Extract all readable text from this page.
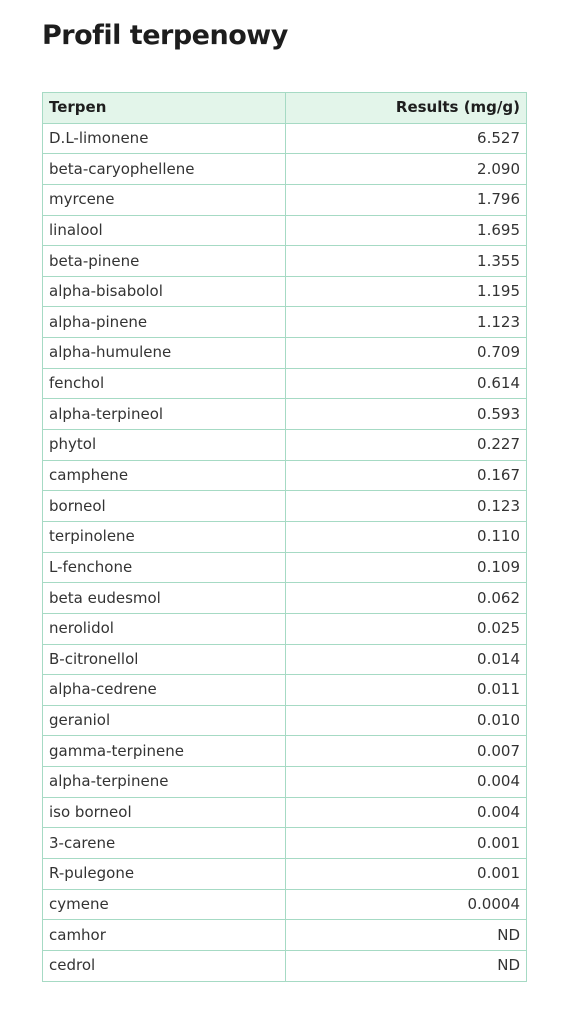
Profil terpenowy
Terpen	Results (mg/g)
D.L-limonene	6.527
beta-caryophellene	2.090
myrcene	1.796
linalool	1.695
beta-pinene	1.355
alpha-bisabolol	1.195
alpha-pinene	1.123
alpha-humulene	0.709
fenchol	0.614
alpha-terpineol	0.593
phytol	0.227
camphene	0.167
borneol	0.123
terpinolene	0.110
L-fenchone	0.109
beta eudesmol	0.062
nerolidol	0.025
B-citronellol	0.014
alpha-cedrene	0.011
geraniol	0.010
gamma-terpinene	0.007
alpha-terpinene	0.004
iso borneol	0.004
3-carene	0.001
R-pulegone	0.001
cymene	0.0004
camhor	ND
cedrol	ND
